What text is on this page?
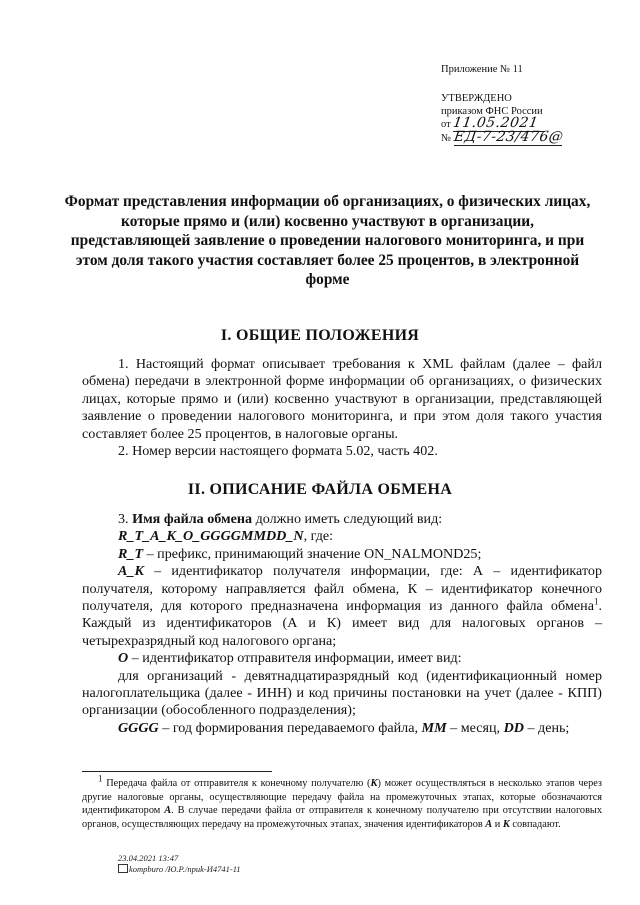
Приложение № 11
УТВЕРЖДЕНО
приказом ФНС России
от 11.05.2021
№ ЕД-7-23/476@
Формат представления информации об организациях, о физических лицах, которые прямо и (или) косвенно участвуют в организации, представляющей заявление о проведении налогового мониторинга, и при этом доля такого участия составляет более 25 процентов, в электронной форме
I. ОБЩИЕ ПОЛОЖЕНИЯ

1. Настоящий формат описывает требования к XML файлам (далее – файл обмена) передачи в электронной форме информации об организациях, о физических лицах, которые прямо и (или) косвенно участвуют в организации, представляющей заявление о проведении налогового мониторинга, и при этом доля такого участия составляет более 25 процентов, в налоговые органы.

2. Номер версии настоящего формата 5.02, часть 402.

II. ОПИСАНИЕ ФАЙЛА ОБМЕНА

3. Имя файла обмена должно иметь следующий вид:

R_T_A_K_O_GGGGMMDD_N, где:

R_T – префикс, принимающий значение ON_NALMOND25;

A_K – идентификатор получателя информации, где: А – идентификатор получателя, которому направляется файл обмена, К – идентификатор конечного получателя, для которого предназначена информация из данного файла обмена$^1$. Каждый из идентификаторов (А и К) имеет вид для налоговых органов – четырехразрядный код налогового органа;

O – идентификатор отправителя информации, имеет вид:

для организаций - девятнадцатиразрядный код (идентификационный номер налогоплательщика (далее - ИНН) и код причины постановки на учет (далее - КПП) организации (обособленного подразделения);

GGGG – год формирования передаваемого файла, MM – месяц, DD – день;

$^1$ Передача файла от отправителя к конечному получателю (К) может осуществляться в несколько этапов через другие налоговые органы, осуществляющие передачу файла на промежуточных этапах, которые обозначаются идентификатором А. В случае передачи файла от отправителя к конечному получателю при отсутствии налоговых органов, осуществляющих передачу на промежуточных этапах, значения идентификаторов А и К совпадают.

23.04.2021 13:47
kompburo /Ю.Р./приk-И4741-11
